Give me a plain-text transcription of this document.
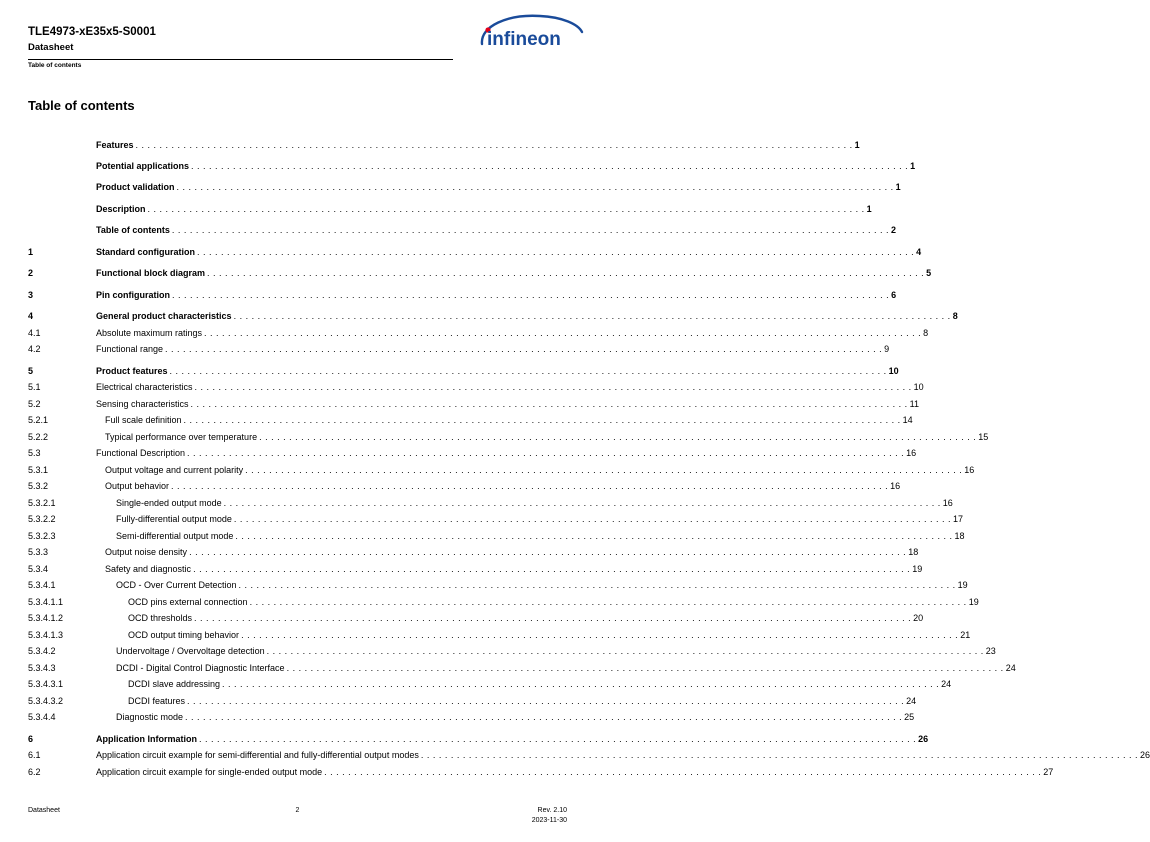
TLE4973-xE35x5-S0001
Datasheet
Table of contents
infineon
Table of contents
Features . . . . . . . . . . . . . . . . . . . . . . . . . . . . . . . . . . . . . . . . . . . . . . . . . . . . . . . . . . . . . . . . . . . . . . . . . . . . . . . . . . . . . . . . . . . . . . . . . . . . . . . . . . . . . . . . . . . . . . . . 1
Potential applications . . . . . . . . . . . . . . . . . . . . . . . . . . . . . . . . . . . . . . . . . . . . . . . . . . . . . . . . . . . . . . . . . . . . . . . . . . . . . . . . . . . . . . . . . . . . . . . . . . . . . . . . . . . . . . . . . . . . . . . . 1
Product validation . . . . . . . . . . . . . . . . . . . . . . . . . . . . . . . . . . . . . . . . . . . . . . . . . . . . . . . . . . . . . . . . . . . . . . . . . . . . . . . . . . . . . . . . . . . . . . . . . . . . . . . . . . . . . . . . . . . . . . . . 1
Description . . . . . . . . . . . . . . . . . . . . . . . . . . . . . . . . . . . . . . . . . . . . . . . . . . . . . . . . . . . . . . . . . . . . . . . . . . . . . . . . . . . . . . . . . . . . . . . . . . . . . . . . . . . . . . . . . . . . . . . . 1
Table of contents . . . . . . . . . . . . . . . . . . . . . . . . . . . . . . . . . . . . . . . . . . . . . . . . . . . . . . . . . . . . . . . . . . . . . . . . . . . . . . . . . . . . . . . . . . . . . . . . . . . . . . . . . . . . . . . . . . . . . . . . 2
1	Standard configuration . . . . . . . . . . . . . . . . . . . . . . . . . . . . . . . . . . . . . . . . . . . . . . . . . . . . . . . . . . . . . . . . . . . . . . . . . . . . . . . . . . . . . . . . . . . . . . . . . . . . . . . . . . . . . . . . . . . . . . . . 4
2	Functional block diagram . . . . . . . . . . . . . . . . . . . . . . . . . . . . . . . . . . . . . . . . . . . . . . . . . . . . . . . . . . . . . . . . . . . . . . . . . . . . . . . . . . . . . . . . . . . . . . . . . . . . . . . . . . . . . . . . . . . . . . . . 5
3	Pin configuration . . . . . . . . . . . . . . . . . . . . . . . . . . . . . . . . . . . . . . . . . . . . . . . . . . . . . . . . . . . . . . . . . . . . . . . . . . . . . . . . . . . . . . . . . . . . . . . . . . . . . . . . . . . . . . . . . . . . . . . . 6
4	General product characteristics . . . . . . . . . . . . . . . . . . . . . . . . . . . . . . . . . . . . . . . . . . . . . . . . . . . . . . . . . . . . . . . . . . . . . . . . . . . . . . . . . . . . . . . . . . . . . . . . . . . . . . . . . . . . . . . . . . . . . . . . 8
4.1	Absolute maximum ratings . . . . . . . . . . . . . . . . . . . . . . . . . . . . . . . . . . . . . . . . . . . . . . . . . . . . . . . . . . . . . . . . . . . . . . . . . . . . . . . . . . . . . . . . . . . . . . . . . . . . . . . . . . . . . . . . . . . . . . . . 8
4.2	Functional range . . . . . . . . . . . . . . . . . . . . . . . . . . . . . . . . . . . . . . . . . . . . . . . . . . . . . . . . . . . . . . . . . . . . . . . . . . . . . . . . . . . . . . . . . . . . . . . . . . . . . . . . . . . . . . . . . . . . . . . . 9
5	Product features . . . . . . . . . . . . . . . . . . . . . . . . . . . . . . . . . . . . . . . . . . . . . . . . . . . . . . . . . . . . . . . . . . . . . . . . . . . . . . . . . . . . . . . . . . . . . . . . . . . . . . . . . . . . . . . . . . . . . . . . 10
5.1	Electrical characteristics . . . . . . . . . . . . . . . . . . . . . . . . . . . . . . . . . . . . . . . . . . . . . . . . . . . . . . . . . . . . . . . . . . . . . . . . . . . . . . . . . . . . . . . . . . . . . . . . . . . . . . . . . . . . . . . . . . . . . . . . 10
5.2	Sensing characteristics . . . . . . . . . . . . . . . . . . . . . . . . . . . . . . . . . . . . . . . . . . . . . . . . . . . . . . . . . . . . . . . . . . . . . . . . . . . . . . . . . . . . . . . . . . . . . . . . . . . . . . . . . . . . . . . . . . . . . . . . 11
5.2.1	Full scale definition . . . . . . . . . . . . . . . . . . . . . . . . . . . . . . . . . . . . . . . . . . . . . . . . . . . . . . . . . . . . . . . . . . . . . . . . . . . . . . . . . . . . . . . . . . . . . . . . . . . . . . . . . . . . . . . . . . . . . . . . 14
5.2.2	Typical performance over temperature . . . . . . . . . . . . . . . . . . . . . . . . . . . . . . . . . . . . . . . . . . . . . . . . . . . . . . . . . . . . . . . . . . . . . . . . . . . . . . . . . . . . . . . . . . . . . . . . . . . . . . . . . . . . . . . . . . . . . . . . 15
5.3	Functional Description . . . . . . . . . . . . . . . . . . . . . . . . . . . . . . . . . . . . . . . . . . . . . . . . . . . . . . . . . . . . . . . . . . . . . . . . . . . . . . . . . . . . . . . . . . . . . . . . . . . . . . . . . . . . . . . . . . . . . . . . 16
5.3.1	Output voltage and current polarity . . . . . . . . . . . . . . . . . . . . . . . . . . . . . . . . . . . . . . . . . . . . . . . . . . . . . . . . . . . . . . . . . . . . . . . . . . . . . . . . . . . . . . . . . . . . . . . . . . . . . . . . . . . . . . . . . . . . . . . . 16
5.3.2	Output behavior . . . . . . . . . . . . . . . . . . . . . . . . . . . . . . . . . . . . . . . . . . . . . . . . . . . . . . . . . . . . . . . . . . . . . . . . . . . . . . . . . . . . . . . . . . . . . . . . . . . . . . . . . . . . . . . . . . . . . . . . 16
5.3.2.1	Single-ended output mode . . . . . . . . . . . . . . . . . . . . . . . . . . . . . . . . . . . . . . . . . . . . . . . . . . . . . . . . . . . . . . . . . . . . . . . . . . . . . . . . . . . . . . . . . . . . . . . . . . . . . . . . . . . . . . . . . . . . . . . . 16
5.3.2.2	Fully-differential output mode . . . . . . . . . . . . . . . . . . . . . . . . . . . . . . . . . . . . . . . . . . . . . . . . . . . . . . . . . . . . . . . . . . . . . . . . . . . . . . . . . . . . . . . . . . . . . . . . . . . . . . . . . . . . . . . . . . . . . . . . 17
5.3.2.3	Semi-differential output mode . . . . . . . . . . . . . . . . . . . . . . . . . . . . . . . . . . . . . . . . . . . . . . . . . . . . . . . . . . . . . . . . . . . . . . . . . . . . . . . . . . . . . . . . . . . . . . . . . . . . . . . . . . . . . . . . . . . . . . . . 18
5.3.3	Output noise density . . . . . . . . . . . . . . . . . . . . . . . . . . . . . . . . . . . . . . . . . . . . . . . . . . . . . . . . . . . . . . . . . . . . . . . . . . . . . . . . . . . . . . . . . . . . . . . . . . . . . . . . . . . . . . . . . . . . . . . . 18
5.3.4	Safety and diagnostic . . . . . . . . . . . . . . . . . . . . . . . . . . . . . . . . . . . . . . . . . . . . . . . . . . . . . . . . . . . . . . . . . . . . . . . . . . . . . . . . . . . . . . . . . . . . . . . . . . . . . . . . . . . . . . . . . . . . . . . . 19
5.3.4.1	OCD - Over Current Detection . . . . . . . . . . . . . . . . . . . . . . . . . . . . . . . . . . . . . . . . . . . . . . . . . . . . . . . . . . . . . . . . . . . . . . . . . . . . . . . . . . . . . . . . . . . . . . . . . . . . . . . . . . . . . . . . . . . . . . . . 19
5.3.4.1.1	OCD pins external connection . . . . . . . . . . . . . . . . . . . . . . . . . . . . . . . . . . . . . . . . . . . . . . . . . . . . . . . . . . . . . . . . . . . . . . . . . . . . . . . . . . . . . . . . . . . . . . . . . . . . . . . . . . . . . . . . . . . . . . . . 19
5.3.4.1.2	OCD thresholds . . . . . . . . . . . . . . . . . . . . . . . . . . . . . . . . . . . . . . . . . . . . . . . . . . . . . . . . . . . . . . . . . . . . . . . . . . . . . . . . . . . . . . . . . . . . . . . . . . . . . . . . . . . . . . . . . . . . . . . . 20
5.3.4.1.3	OCD output timing behavior . . . . . . . . . . . . . . . . . . . . . . . . . . . . . . . . . . . . . . . . . . . . . . . . . . . . . . . . . . . . . . . . . . . . . . . . . . . . . . . . . . . . . . . . . . . . . . . . . . . . . . . . . . . . . . . . . . . . . . . . 21
5.3.4.2	Undervoltage / Overvoltage detection . . . . . . . . . . . . . . . . . . . . . . . . . . . . . . . . . . . . . . . . . . . . . . . . . . . . . . . . . . . . . . . . . . . . . . . . . . . . . . . . . . . . . . . . . . . . . . . . . . . . . . . . . . . . . . . . . . . . . . . . 23
5.3.4.3	DCDI - Digital Control Diagnostic Interface . . . . . . . . . . . . . . . . . . . . . . . . . . . . . . . . . . . . . . . . . . . . . . . . . . . . . . . . . . . . . . . . . . . . . . . . . . . . . . . . . . . . . . . . . . . . . . . . . . . . . . . . . . . . . . . . . . . . . . . . 24
5.3.4.3.1	DCDI slave addressing . . . . . . . . . . . . . . . . . . . . . . . . . . . . . . . . . . . . . . . . . . . . . . . . . . . . . . . . . . . . . . . . . . . . . . . . . . . . . . . . . . . . . . . . . . . . . . . . . . . . . . . . . . . . . . . . . . . . . . . . 24
5.3.4.3.2	DCDI features . . . . . . . . . . . . . . . . . . . . . . . . . . . . . . . . . . . . . . . . . . . . . . . . . . . . . . . . . . . . . . . . . . . . . . . . . . . . . . . . . . . . . . . . . . . . . . . . . . . . . . . . . . . . . . . . . . . . . . . . 24
5.3.4.4	Diagnostic mode . . . . . . . . . . . . . . . . . . . . . . . . . . . . . . . . . . . . . . . . . . . . . . . . . . . . . . . . . . . . . . . . . . . . . . . . . . . . . . . . . . . . . . . . . . . . . . . . . . . . . . . . . . . . . . . . . . . . . . . . 25
6	Application Information . . . . . . . . . . . . . . . . . . . . . . . . . . . . . . . . . . . . . . . . . . . . . . . . . . . . . . . . . . . . . . . . . . . . . . . . . . . . . . . . . . . . . . . . . . . . . . . . . . . . . . . . . . . . . . . . . . . . . . . . 26
6.1	Application circuit example for semi-differential and fully-differential output modes . . . . . . . . . . . . . . . . . . . . . . . . . . . . . . . . . . . . . . . . . . . . . . . . . . . . . . . . . . . . . . . . . . . . . . . . . . . . . . . . . . . . . . . . . . . . . . . . . . . . . . . . . . . . . . . . . . . . . . . . 26
6.2	Application circuit example for single-ended output mode . . . . . . . . . . . . . . . . . . . . . . . . . . . . . . . . . . . . . . . . . . . . . . . . . . . . . . . . . . . . . . . . . . . . . . . . . . . . . . . . . . . . . . . . . . . . . . . . . . . . . . . . . . . . . . . . . . . . . . . . 27
Datasheet	2	Rev. 2.10
2023-11-30
